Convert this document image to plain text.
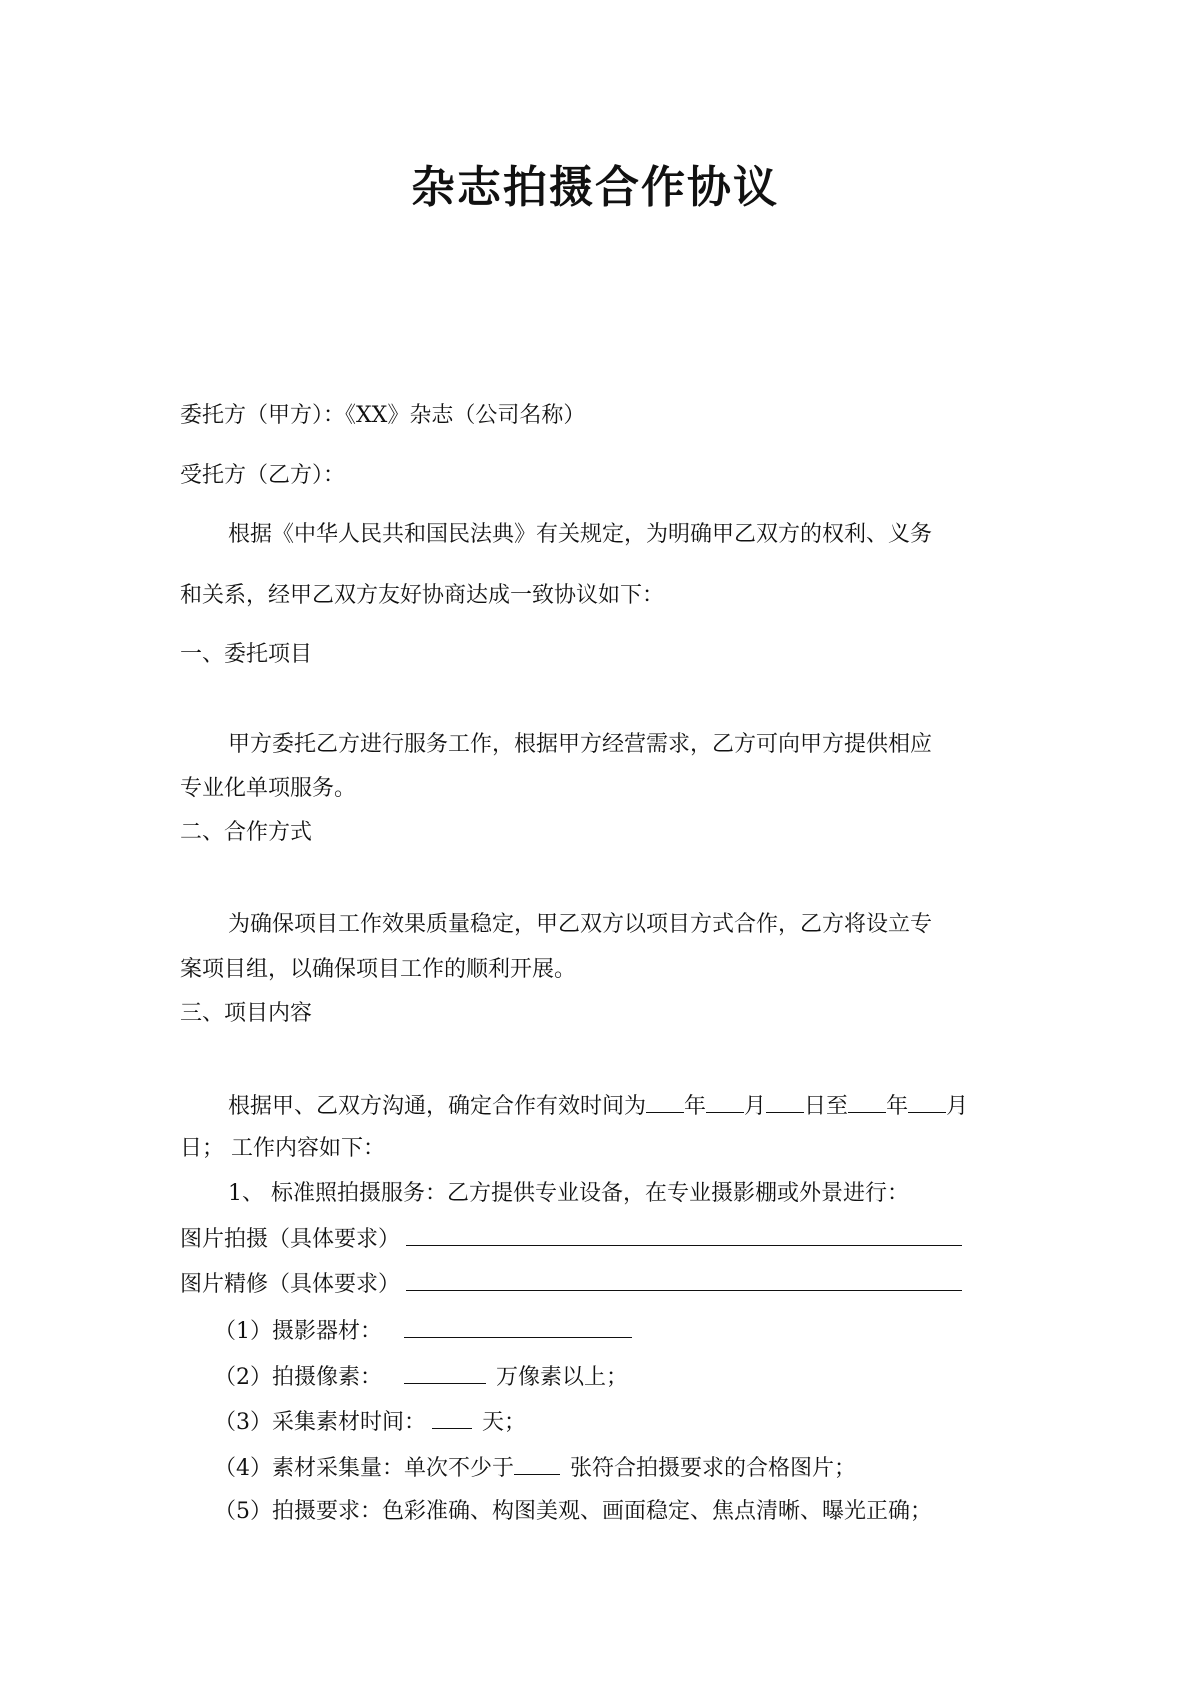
杂志拍摄合作协议
委托方（甲方）：《XX》杂志（公司名称）
受托方（乙方）：
根据《中华人民共和国民法典》有关规定，为明确甲乙双方的权利、义务
和关系，经甲乙双方友好协商达成一致协议如下：
一、委托项目
甲方委托乙方进行服务工作，根据甲方经营需求，乙方可向甲方提供相应
专业化单项服务。
二、合作方式
为确保项目工作效果质量稳定，甲乙双方以项目方式合作，乙方将设立专
案项目组，以确保项目工作的顺利开展。
三、项目内容
根据甲、乙双方沟通，确定合作有效时间为 年 月 日至 年 月
日； 工作内容如下：
1、 标准照拍摄服务：乙方提供专业设备，在专业摄影棚或外景进行：
图片拍摄（具体要求）
图片精修（具体要求）
（1）摄影器材：
（2）拍摄像素：	万像素以上；
（3）采集素材时间：	天；
（4）素材采集量：单次不少于	张符合拍摄要求的合格图片；
（5）拍摄要求：色彩准确、构图美观、画面稳定、焦点清晰、曝光正确；
